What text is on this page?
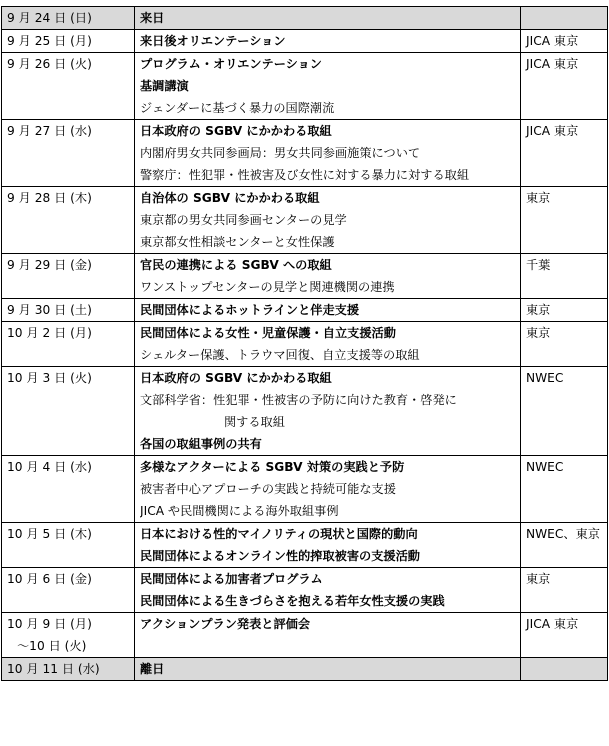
9 月 24 日 (日)	来日	

9 月 25 日 (月)	来日後オリエンテーション	JICA 東京

9 月 26 日 (火)	プログラム・オリエンテーション
基調講演
ジェンダーに基づく暴力の国際潮流	JICA 東京

9 月 27 日 (水)	日本政府の SGBV にかかわる取組
内閣府男女共同参画局：男女共同参画施策について
警察庁：性犯罪・性被害及び女性に対する暴力に対する取組	JICA 東京

9 月 28 日 (木)	自治体の SGBV にかかわる取組
東京都の男女共同参画センターの見学
東京都女性相談センターと女性保護	東京

9 月 29 日 (金)	官民の連携による SGBV への取組
ワンストップセンターの見学と関連機関の連携	千葉

9 月 30 日 (土)	民間団体によるホットラインと伴走支援	東京

10 月 2 日 (月)	民間団体による女性・児童保護・自立支援活動
シェルター保護、トラウマ回復、自立支援等の取組	東京

10 月 3 日 (火)	日本政府の SGBV にかかわる取組
文部科学省：性犯罪・性被害の予防に向けた教育・啓発に
関する取組
各国の取組事例の共有	NWEC

10 月 4 日 (水)	多様なアクターによる SGBV 対策の実践と予防
被害者中心アプローチの実践と持続可能な支援
JICA や民間機関による海外取組事例	NWEC

10 月 5 日 (木)	日本における性的マイノリティの現状と国際的動向
民間団体によるオンライン性的搾取被害の支援活動	NWEC、東京

10 月 6 日 (金)	民間団体による加害者プログラム
民間団体による生きづらさを抱える若年女性支援の実践	東京

10 月 9 日 (月)
～10 日 (火)	アクションプラン発表と評価会	JICA 東京

10 月 11 日 (水)	離日	
